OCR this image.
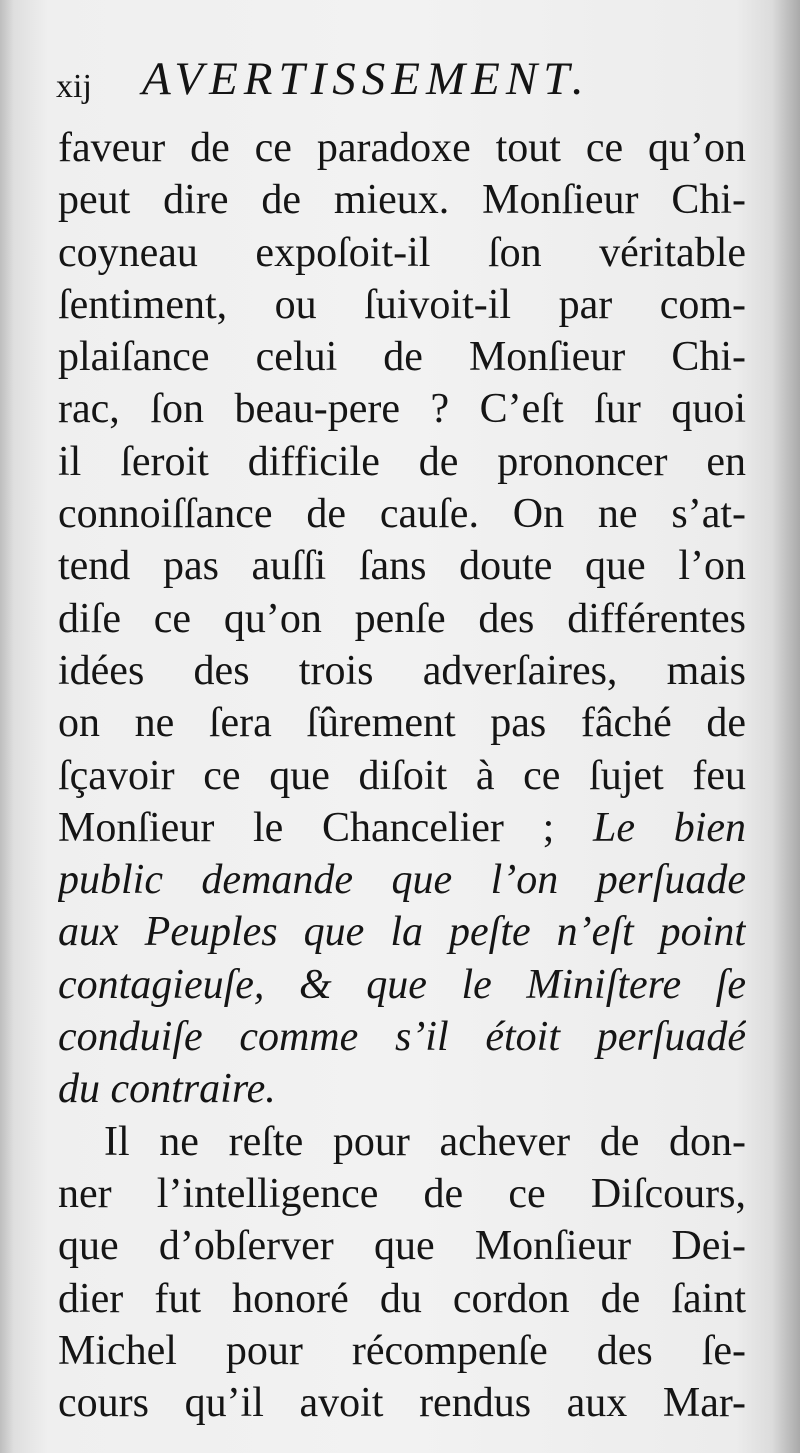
xij AVERTISSEMENT.
faveur de ce paradoxe tout ce qu’on
peut dire de mieux. Monſieur Chi-
coyneau expoſoit-il ſon véritable
ſentiment, ou ſuivoit-il par com-
plaiſance celui de Monſieur Chi-
rac, ſon beau-pere ? C’eſt ſur quoi
il ſeroit difficile de prononcer en
connoiſſance de cauſe. On ne s’at-
tend pas auſſi ſans doute que l’on
diſe ce qu’on penſe des différentes
idées des trois adverſaires, mais
on ne ſera ſûrement pas fâché de
ſçavoir ce que diſoit à ce ſujet feu
Monſieur le Chancelier ; Le bien
public demande que l’on perſuade
aux Peuples que la peſte n’eſt point
contagieuſe, & que le Miniſtere ſe
conduiſe comme s’il étoit perſuadé
du contraire.
Il ne reſte pour achever de don-
ner l’intelligence de ce Diſcours,
que d’obſerver que Monſieur Dei-
dier fut honoré du cordon de ſaint
Michel pour récompenſe des ſe-
cours qu’il avoit rendus aux Mar-
